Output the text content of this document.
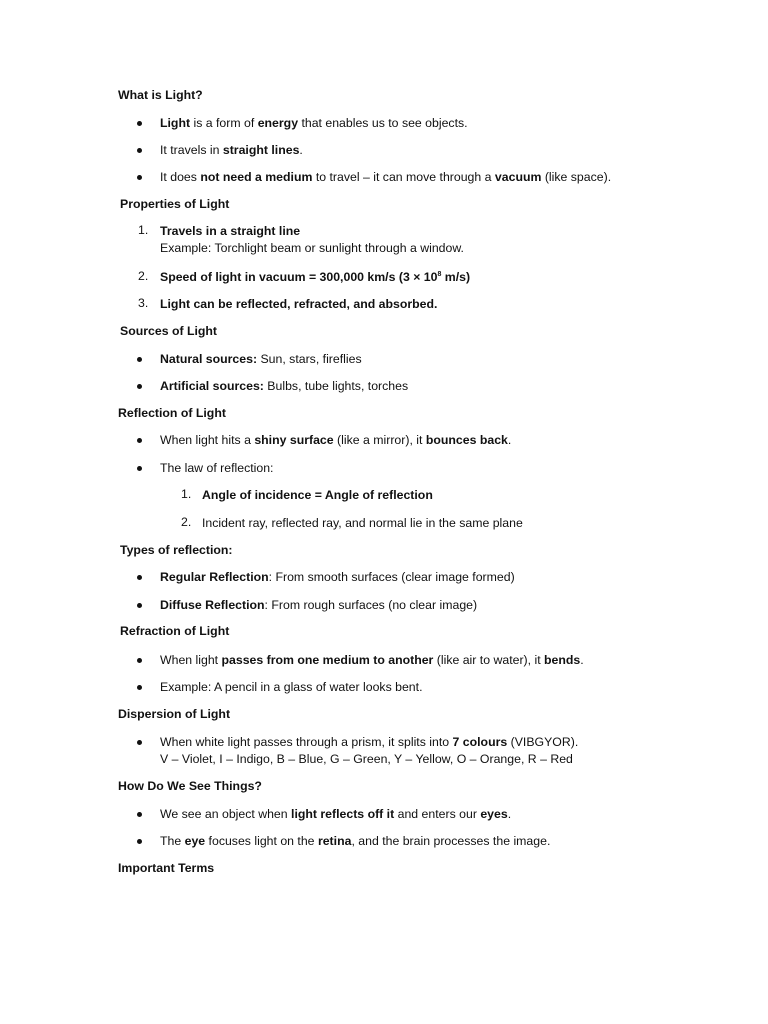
What is Light?
Light is a form of energy that enables us to see objects.
It travels in straight lines.
It does not need a medium to travel – it can move through a vacuum (like space).
Properties of Light
1. Travels in a straight line
Example: Torchlight beam or sunlight through a window.
2. Speed of light in vacuum = 300,000 km/s ($3 \times 10^8$ m/s)
3. Light can be reflected, refracted, and absorbed.
Sources of Light
Natural sources: Sun, stars, fireflies
Artificial sources: Bulbs, tube lights, torches
Reflection of Light
When light hits a shiny surface (like a mirror), it bounces back.
The law of reflection:
1. Angle of incidence = Angle of reflection
2. Incident ray, reflected ray, and normal lie in the same plane
Types of reflection:
Regular Reflection: From smooth surfaces (clear image formed)
Diffuse Reflection: From rough surfaces (no clear image)
Refraction of Light
When light passes from one medium to another (like air to water), it bends.
Example: A pencil in a glass of water looks bent.
Dispersion of Light
When white light passes through a prism, it splits into 7 colours (VIBGYOR).
V – Violet, I – Indigo, B – Blue, G – Green, Y – Yellow, O – Orange, R – Red
How Do We See Things?
We see an object when light reflects off it and enters our eyes.
The eye focuses light on the retina, and the brain processes the image.
Important Terms
